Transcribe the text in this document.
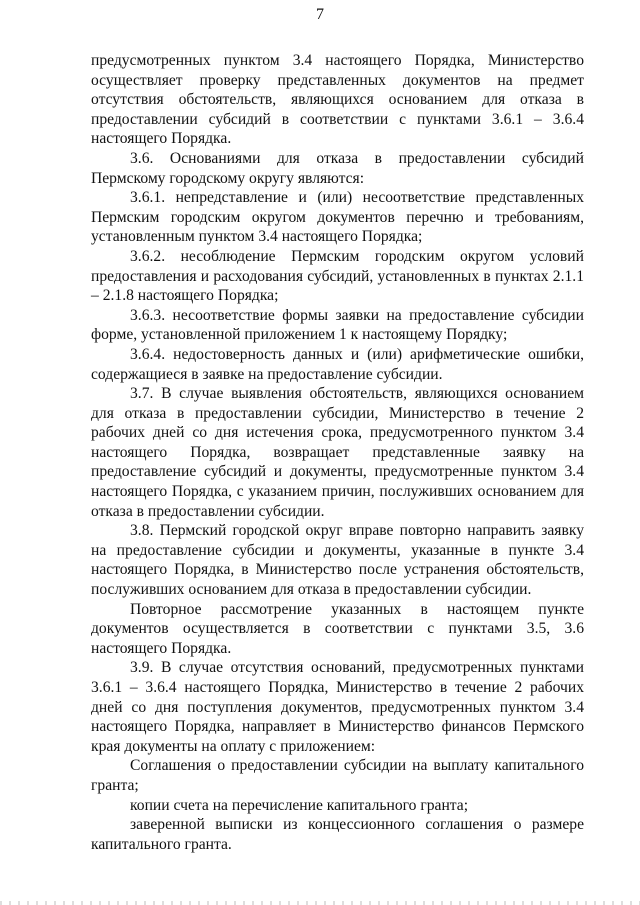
7

предусмотренных пунктом 3.4 настоящего Порядка, Министерство осуществляет проверку представленных документов на предмет отсутствия обстоятельств, являющихся основанием для отказа в предоставлении субсидий в соответствии с пунктами 3.6.1 – 3.6.4 настоящего Порядка.

3.6. Основаниями для отказа в предоставлении субсидий Пермскому городскому округу являются:

3.6.1. непредставление и (или) несоответствие представленных Пермским городским округом документов перечню и требованиям, установленным пунктом 3.4 настоящего Порядка;

3.6.2. несоблюдение Пермским городским округом условий предоставления и расходования субсидий, установленных в пунктах 2.1.1 – 2.1.8 настоящего Порядка;

3.6.3. несоответствие формы заявки на предоставление субсидии форме, установленной приложением 1 к настоящему Порядку;

3.6.4. недостоверность данных и (или) арифметические ошибки, содержащиеся в заявке на предоставление субсидии.

3.7. В случае выявления обстоятельств, являющихся основанием для отказа в предоставлении субсидии, Министерство в течение 2 рабочих дней со дня истечения срока, предусмотренного пунктом 3.4 настоящего Порядка, возвращает представленные заявку на предоставление субсидий и документы, предусмотренные пунктом 3.4 настоящего Порядка, с указанием причин, послуживших основанием для отказа в предоставлении субсидии.

3.8. Пермский городской округ вправе повторно направить заявку на предоставление субсидии и документы, указанные в пункте 3.4 настоящего Порядка, в Министерство после устранения обстоятельств, послуживших основанием для отказа в предоставлении субсидии.

Повторное рассмотрение указанных в настоящем пункте документов осуществляется в соответствии с пунктами 3.5, 3.6 настоящего Порядка.

3.9. В случае отсутствия оснований, предусмотренных пунктами 3.6.1 – 3.6.4 настоящего Порядка, Министерство в течение 2 рабочих дней со дня поступления документов, предусмотренных пунктом 3.4 настоящего Порядка, направляет в Министерство финансов Пермского края документы на оплату с приложением:

Соглашения о предоставлении субсидии на выплату капитального гранта;

копии счета на перечисление капитального гранта;

заверенной выписки из концессионного соглашения о размере капитального гранта.
